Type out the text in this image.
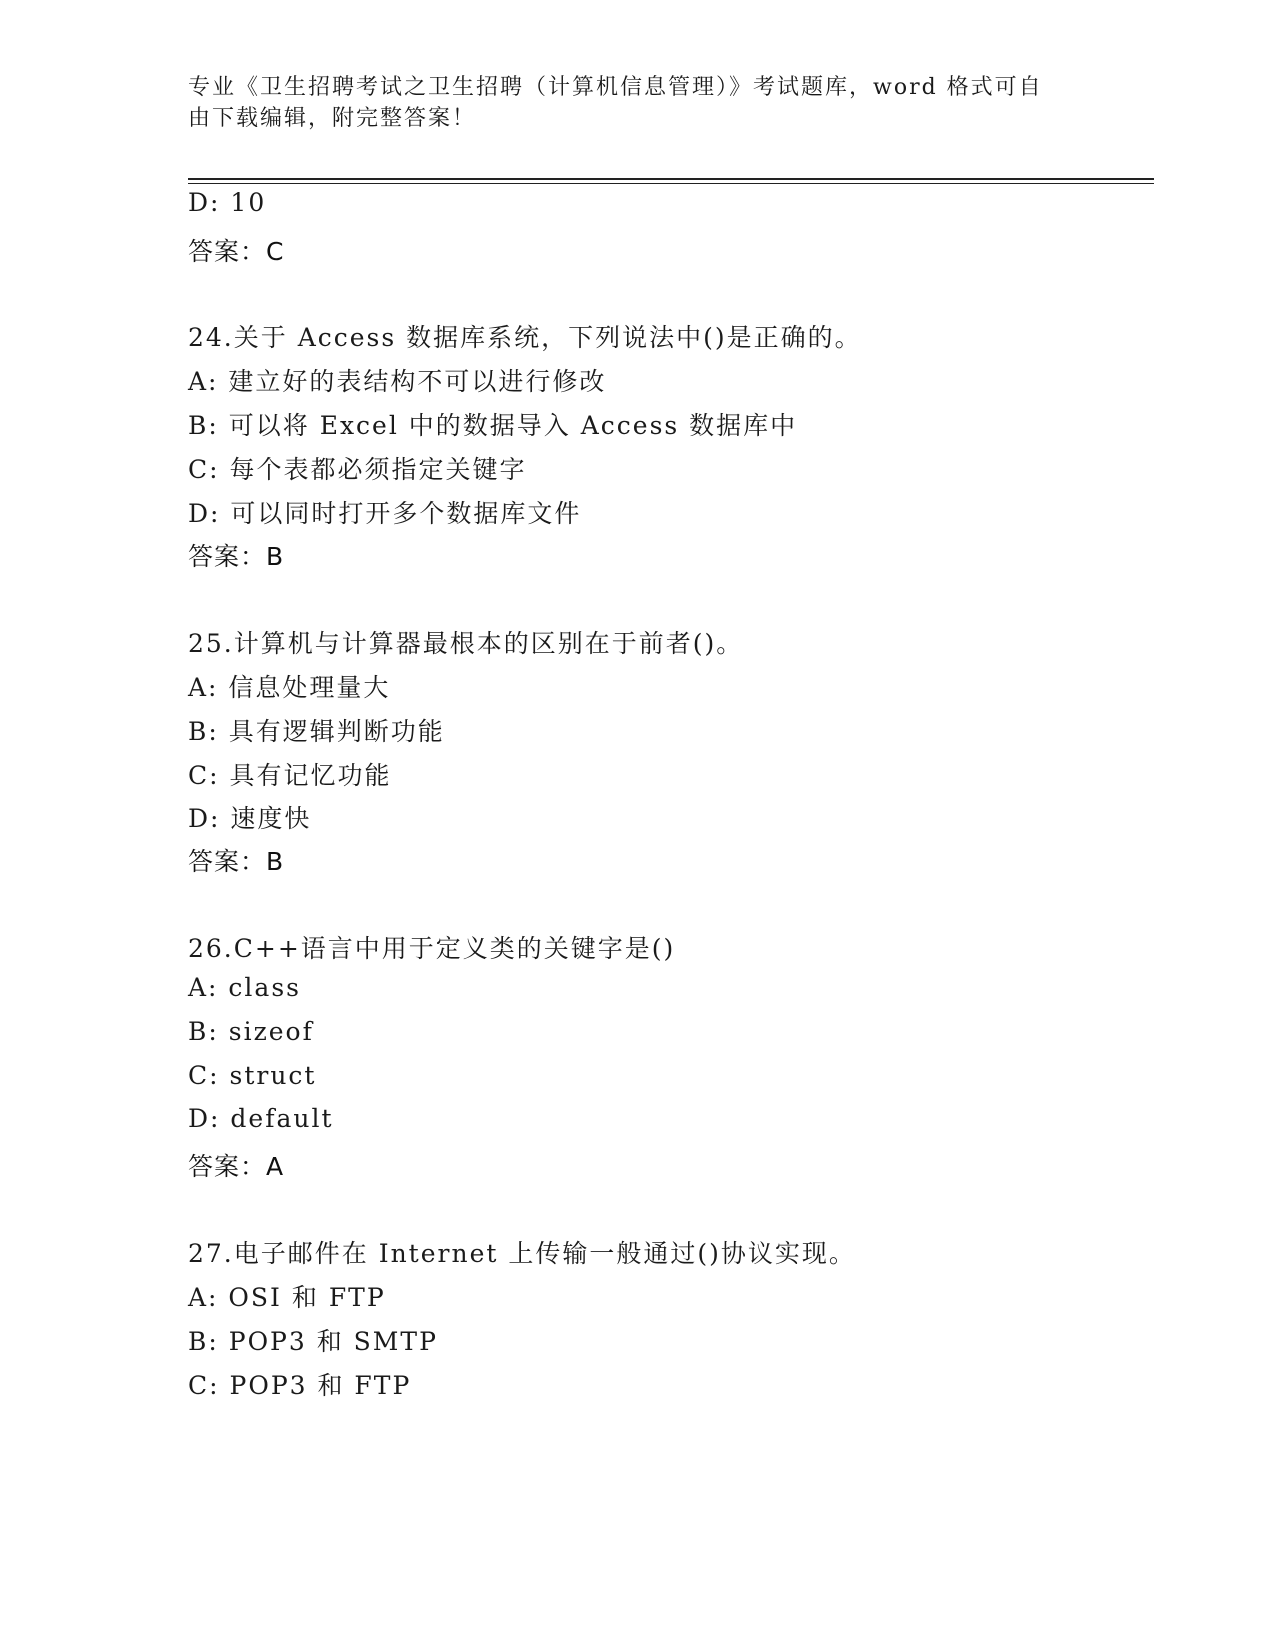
专业《卫生招聘考试之卫生招聘（计算机信息管理）》考试题库，word 格式可自
由下载编辑，附完整答案！
D: 10
答案：C
24.关于 Access 数据库系统，下列说法中()是正确的。
A: 建立好的表结构不可以进行修改
B: 可以将 Excel 中的数据导入 Access 数据库中
C: 每个表都必须指定关键字
D: 可以同时打开多个数据库文件
答案：B
25.计算机与计算器最根本的区别在于前者()。
A: 信息处理量大
B: 具有逻辑判断功能
C: 具有记忆功能
D: 速度快
答案：B
26.C++语言中用于定义类的关键字是()
A: class
B: sizeof
C: struct
D: default
答案：A
27.电子邮件在 Internet 上传输一般通过()协议实现。
A: OSI 和 FTP
B: POP3 和 SMTP
C: POP3 和 FTP
